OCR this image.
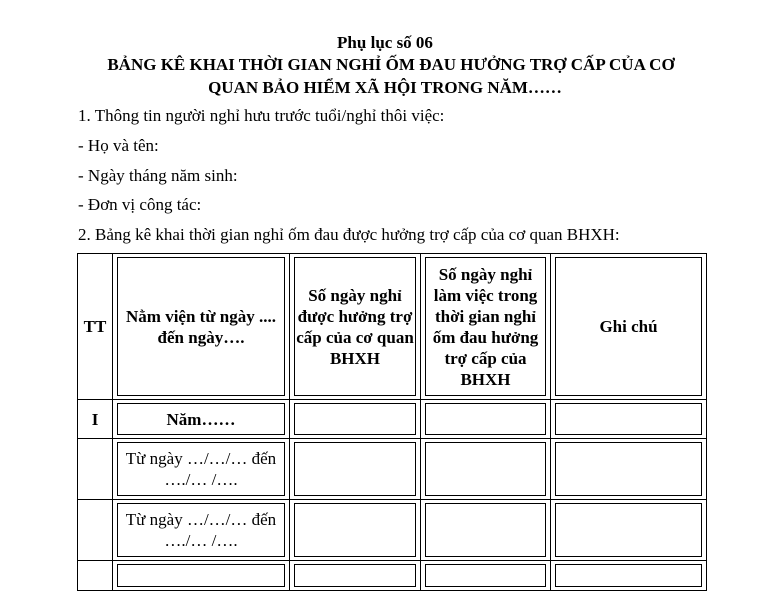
Phụ lục số 06
BẢNG KÊ KHAI THỜI GIAN NGHỈ ỐM ĐAU HƯỞNG TRỢ CẤP CỦA CƠ
QUAN BẢO HIỂM XÃ HỘI TRONG NĂM……
1. Thông tin người nghỉ hưu trước tuổi/nghỉ thôi việc:
- Họ và tên:
- Ngày tháng năm sinh:
- Đơn vị công tác:
2. Bảng kê khai thời gian nghỉ ốm đau được hưởng trợ cấp của cơ quan BHXH:
TT	Nằm viện từ ngày .... đến ngày….	Số ngày nghỉ được hưởng trợ cấp của cơ quan BHXH	Số ngày nghỉ làm việc trong thời gian nghỉ ốm đau hưởng trợ cấp của BHXH	Ghi chú

I	Năm……			

	Từ ngày …/…/… đến …./… /….			

	Từ ngày …/…/… đến …./… /….			
